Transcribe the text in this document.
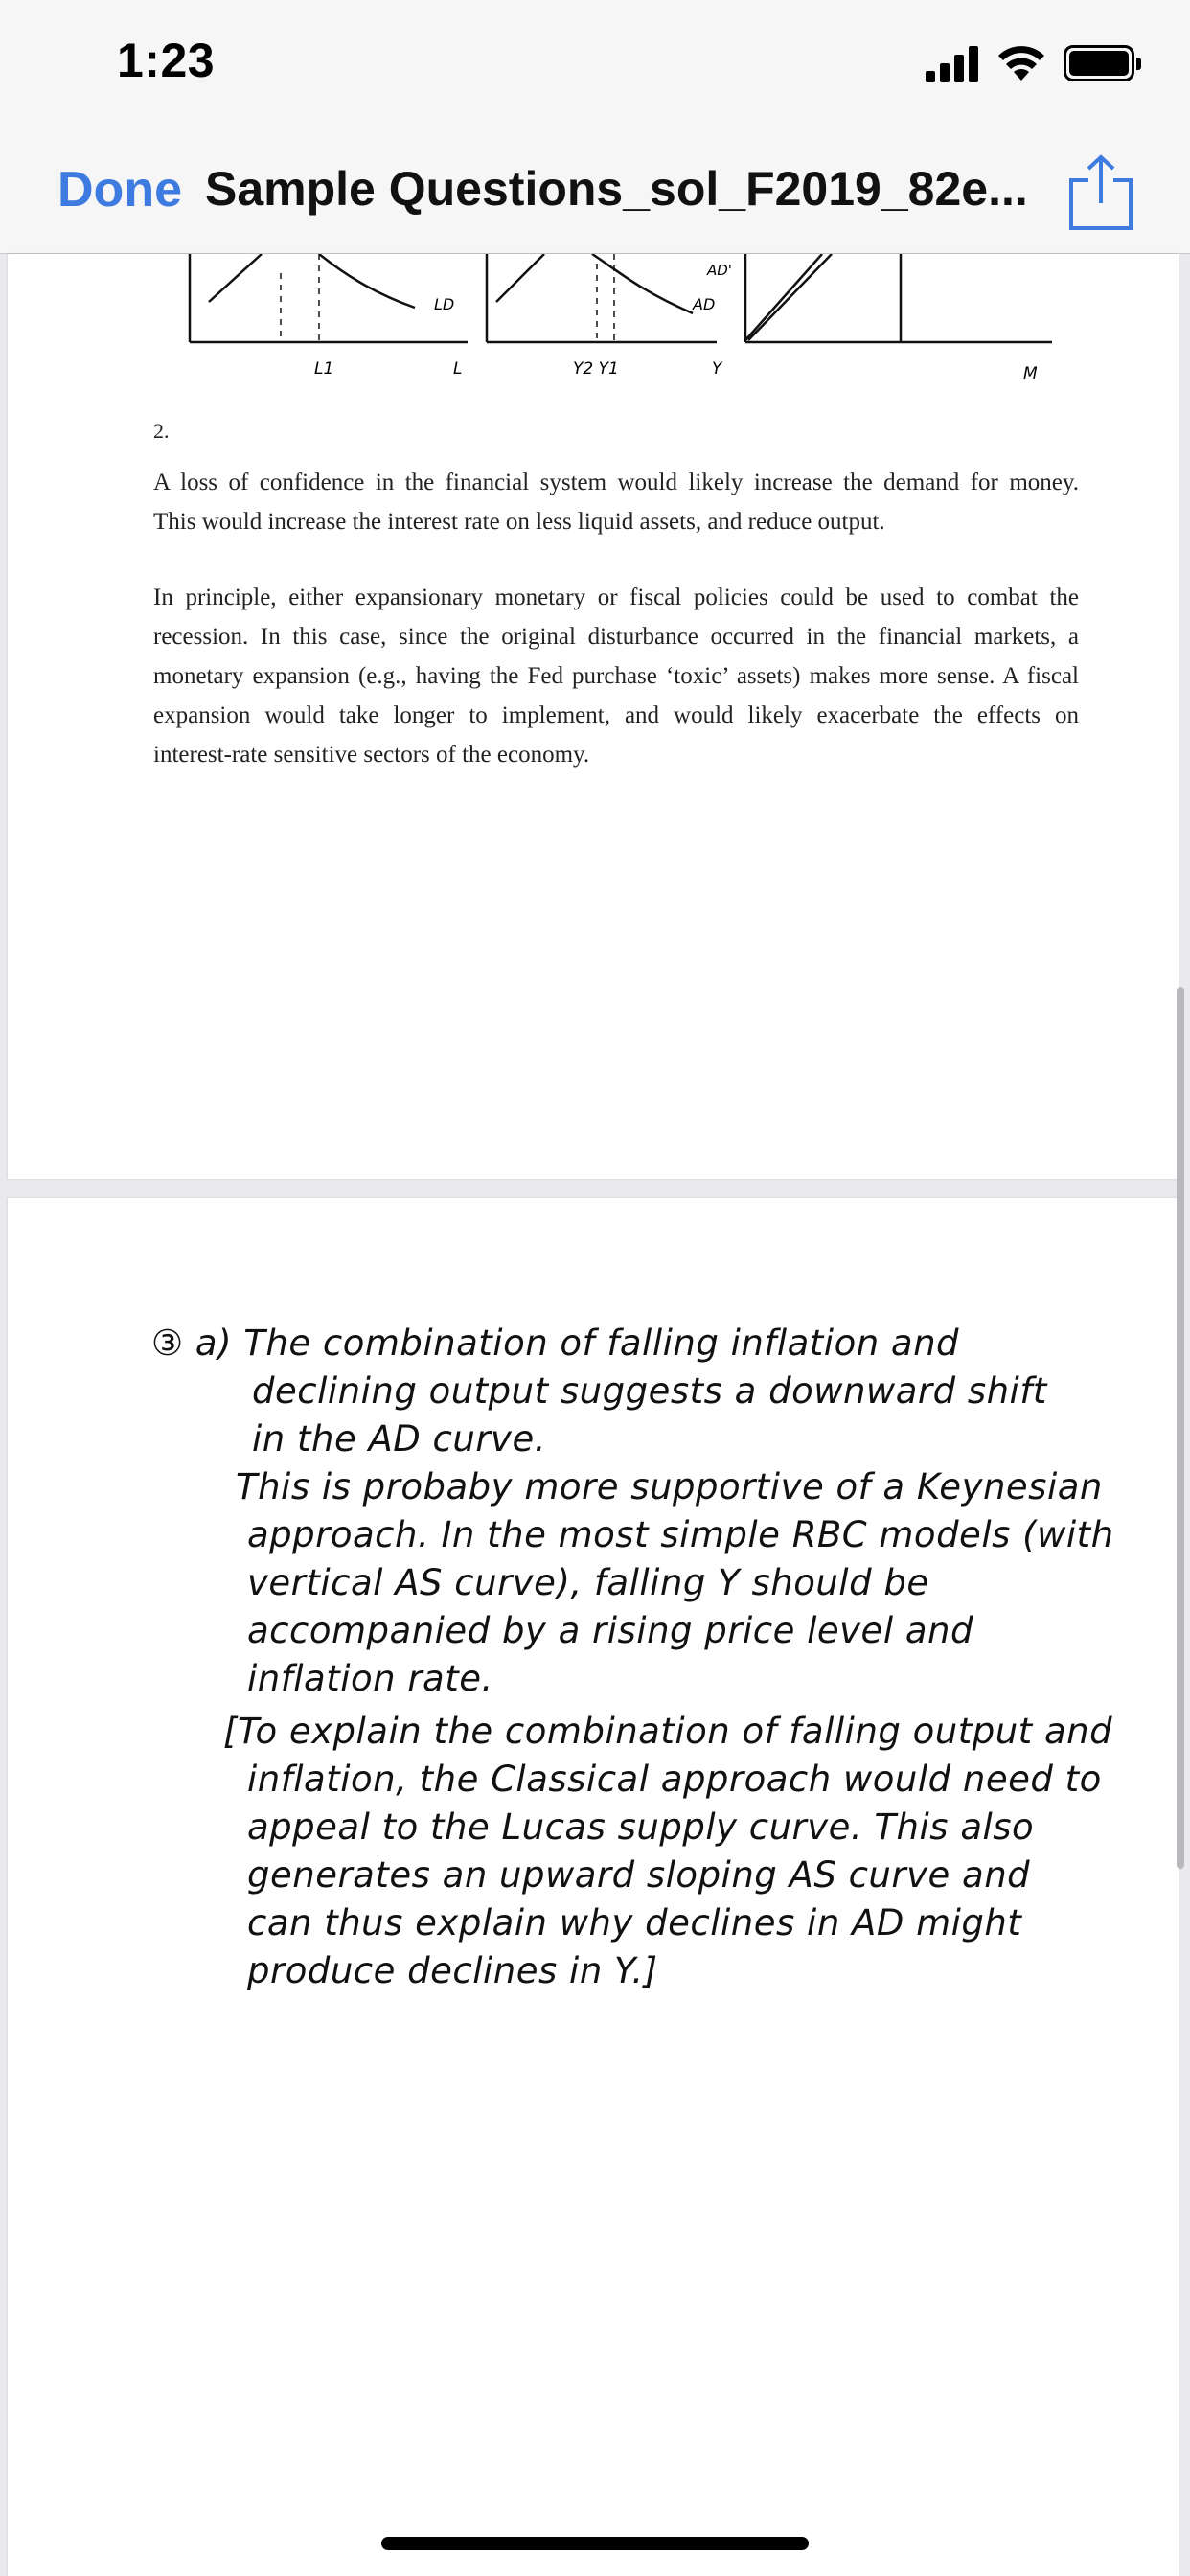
1:23
Done Sample Questions_sol_F2019_82e...
LD
L1	L
AD'
AD
Y2 Y1	Y	M
2.
A loss of confidence in the financial system would likely increase the demand for money.
This would increase the interest rate on less liquid assets, and reduce output.
In principle, either expansionary monetary or fiscal policies could be used to combat the
recession. In this case, since the original disturbance occurred in the financial markets, a
monetary expansion (e.g., having the Fed purchase ‘toxic’ assets) makes more sense. A fiscal
expansion would take longer to implement, and would likely exacerbate the effects on
interest-rate sensitive sectors of the economy.
③ a) The combination of falling inflation and
declining output suggests a downward shift
in the AD curve.
This is probaby more supportive of a Keynesian
approach. In the most simple RBC models (with
vertical AS curve), falling Y should be
accompanied by a rising price level and
inflation rate.
[To explain the combination of falling output and
inflation, the Classical approach would need to
appeal to the Lucas supply curve. This also
generates an upward sloping AS curve and
can thus explain why declines in AD might
produce declines in Y.]
